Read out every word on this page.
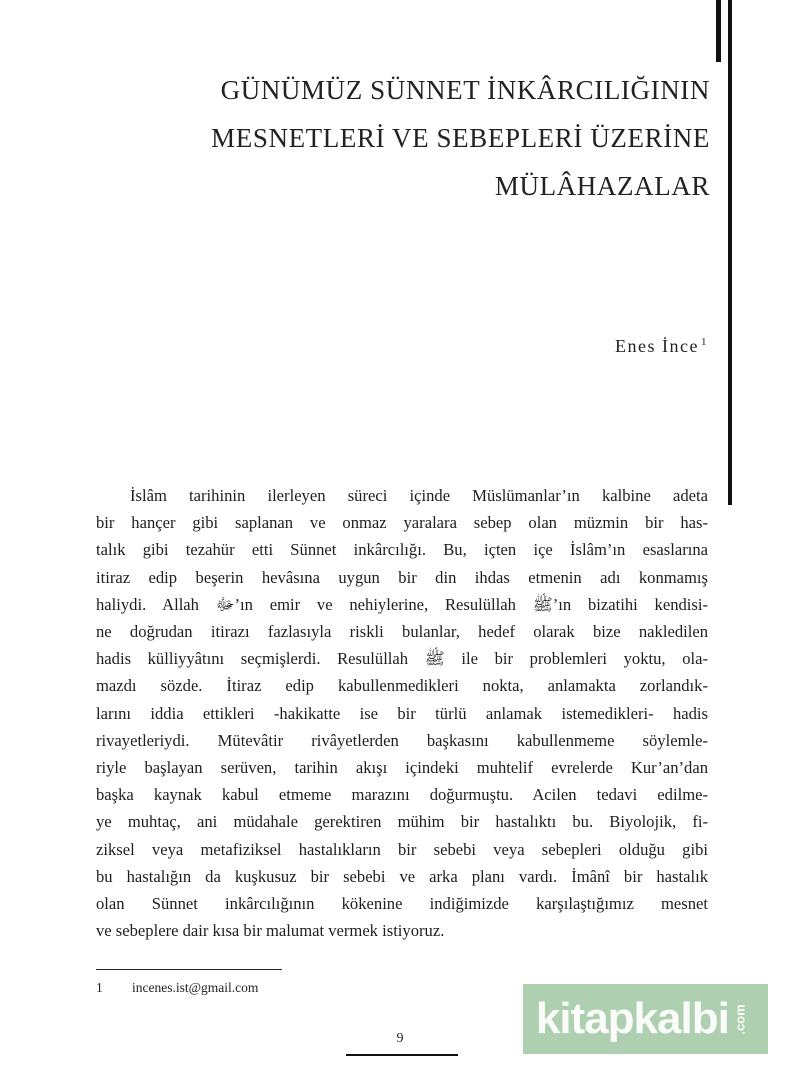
GÜNÜMÜZ SÜNNET İNKÂRCILIĞININ
MESNETLERİ VE SEBEPLERİ ÜZERİNE
MÜLÂHAZALAR
Enes İnce $^1$

İslâm tarihinin ilerleyen süreci içinde Müslümanlar’ın kalbine adeta
bir hançer gibi saplanan ve onmaz yaralara sebep olan müzmin bir has-
talık gibi tezahür etti Sünnet inkârcılığı. Bu, içten içe İslâm’ın esaslarına
itiraz edip beşerin hevâsına uygun bir din ihdas etmenin adı konmamış
haliydi. Allah ﷻ’ın emir ve nehiylerine, Resulüllah ﷺ’ın bizatihi kendisi-
ne doğrudan itirazı fazlasıyla riskli bulanlar, hedef olarak bize nakledilen
hadis külliyyâtını seçmişlerdi. Resulüllah ﷺ ile bir problemleri yoktu, ola-
mazdı sözde. İtiraz edip kabullenmedikleri nokta, anlamakta zorlandık-
larını iddia ettikleri -hakikatte ise bir türlü anlamak istemedikleri- hadis
rivayetleriydi. Mütevâtir rivâyetlerden başkasını kabullenmeme söylemle-
riyle başlayan serüven, tarihin akışı içindeki muhtelif evrelerde Kur’an’dan
başka kaynak kabul etmeme marazını doğurmuştu. Acilen tedavi edilme-
ye muhtaç, ani müdahale gerektiren mühim bir hastalıktı bu. Biyolojik, fi-
ziksel veya metafiziksel hastalıkların bir sebebi veya sebepleri olduğu gibi
bu hastalığın da kuşkusuz bir sebebi ve arka planı vardı. İmânî bir hastalık
olan Sünnet inkârcılığının kökenine indiğimizde karşılaştığımız mesnet
ve sebeplere dair kısa bir malumat vermek istiyoruz.

1 incenes.ist@gmail.com
9	kitapkalbi .com
